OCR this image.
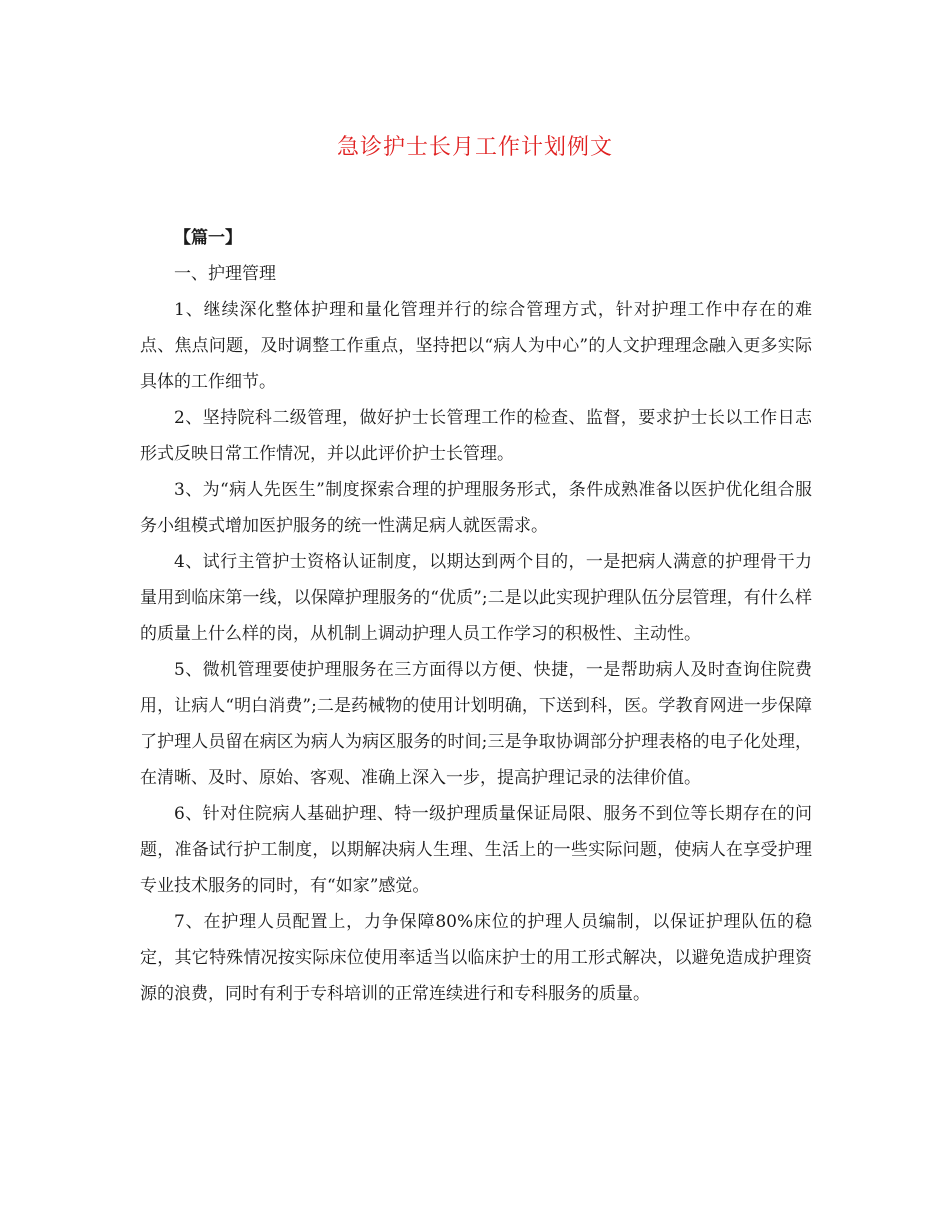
急诊护士长月工作计划例文

【篇一】

一、护理管理

1、继续深化整体护理和量化管理并行的综合管理方式，针对护理工作中存在的难点、焦点问题，及时调整工作重点，坚持把以“病人为中心”的人文护理理念融入更多实际具体的工作细节。

2、坚持院科二级管理，做好护士长管理工作的检查、监督，要求护士长以工作日志形式反映日常工作情况，并以此评价护士长管理。

3、为“病人先医生”制度探索合理的护理服务形式，条件成熟准备以医护优化组合服务小组模式增加医护服务的统一性满足病人就医需求。

4、试行主管护士资格认证制度，以期达到两个目的，一是把病人满意的护理骨干力量用到临床第一线，以保障护理服务的“优质”;二是以此实现护理队伍分层管理，有什么样的质量上什么样的岗，从机制上调动护理人员工作学习的积极性、主动性。

5、微机管理要使护理服务在三方面得以方便、快捷，一是帮助病人及时查询住院费用，让病人“明白消费”;二是药械物的使用计划明确，下送到科，医。学教育网进一步保障了护理人员留在病区为病人为病区服务的时间;三是争取协调部分护理表格的电子化处理，在清晰、及时、原始、客观、准确上深入一步，提高护理记录的法律价值。

6、针对住院病人基础护理、特一级护理质量保证局限、服务不到位等长期存在的问题，准备试行护工制度，以期解决病人生理、生活上的一些实际问题，使病人在享受护理专业技术服务的同时，有“如家”感觉。

7、在护理人员配置上，力争保障80%床位的护理人员编制，以保证护理队伍的稳定，其它特殊情况按实际床位使用率适当以临床护士的用工形式解决，以避免造成护理资源的浪费，同时有利于专科培训的正常连续进行和专科服务的质量。
